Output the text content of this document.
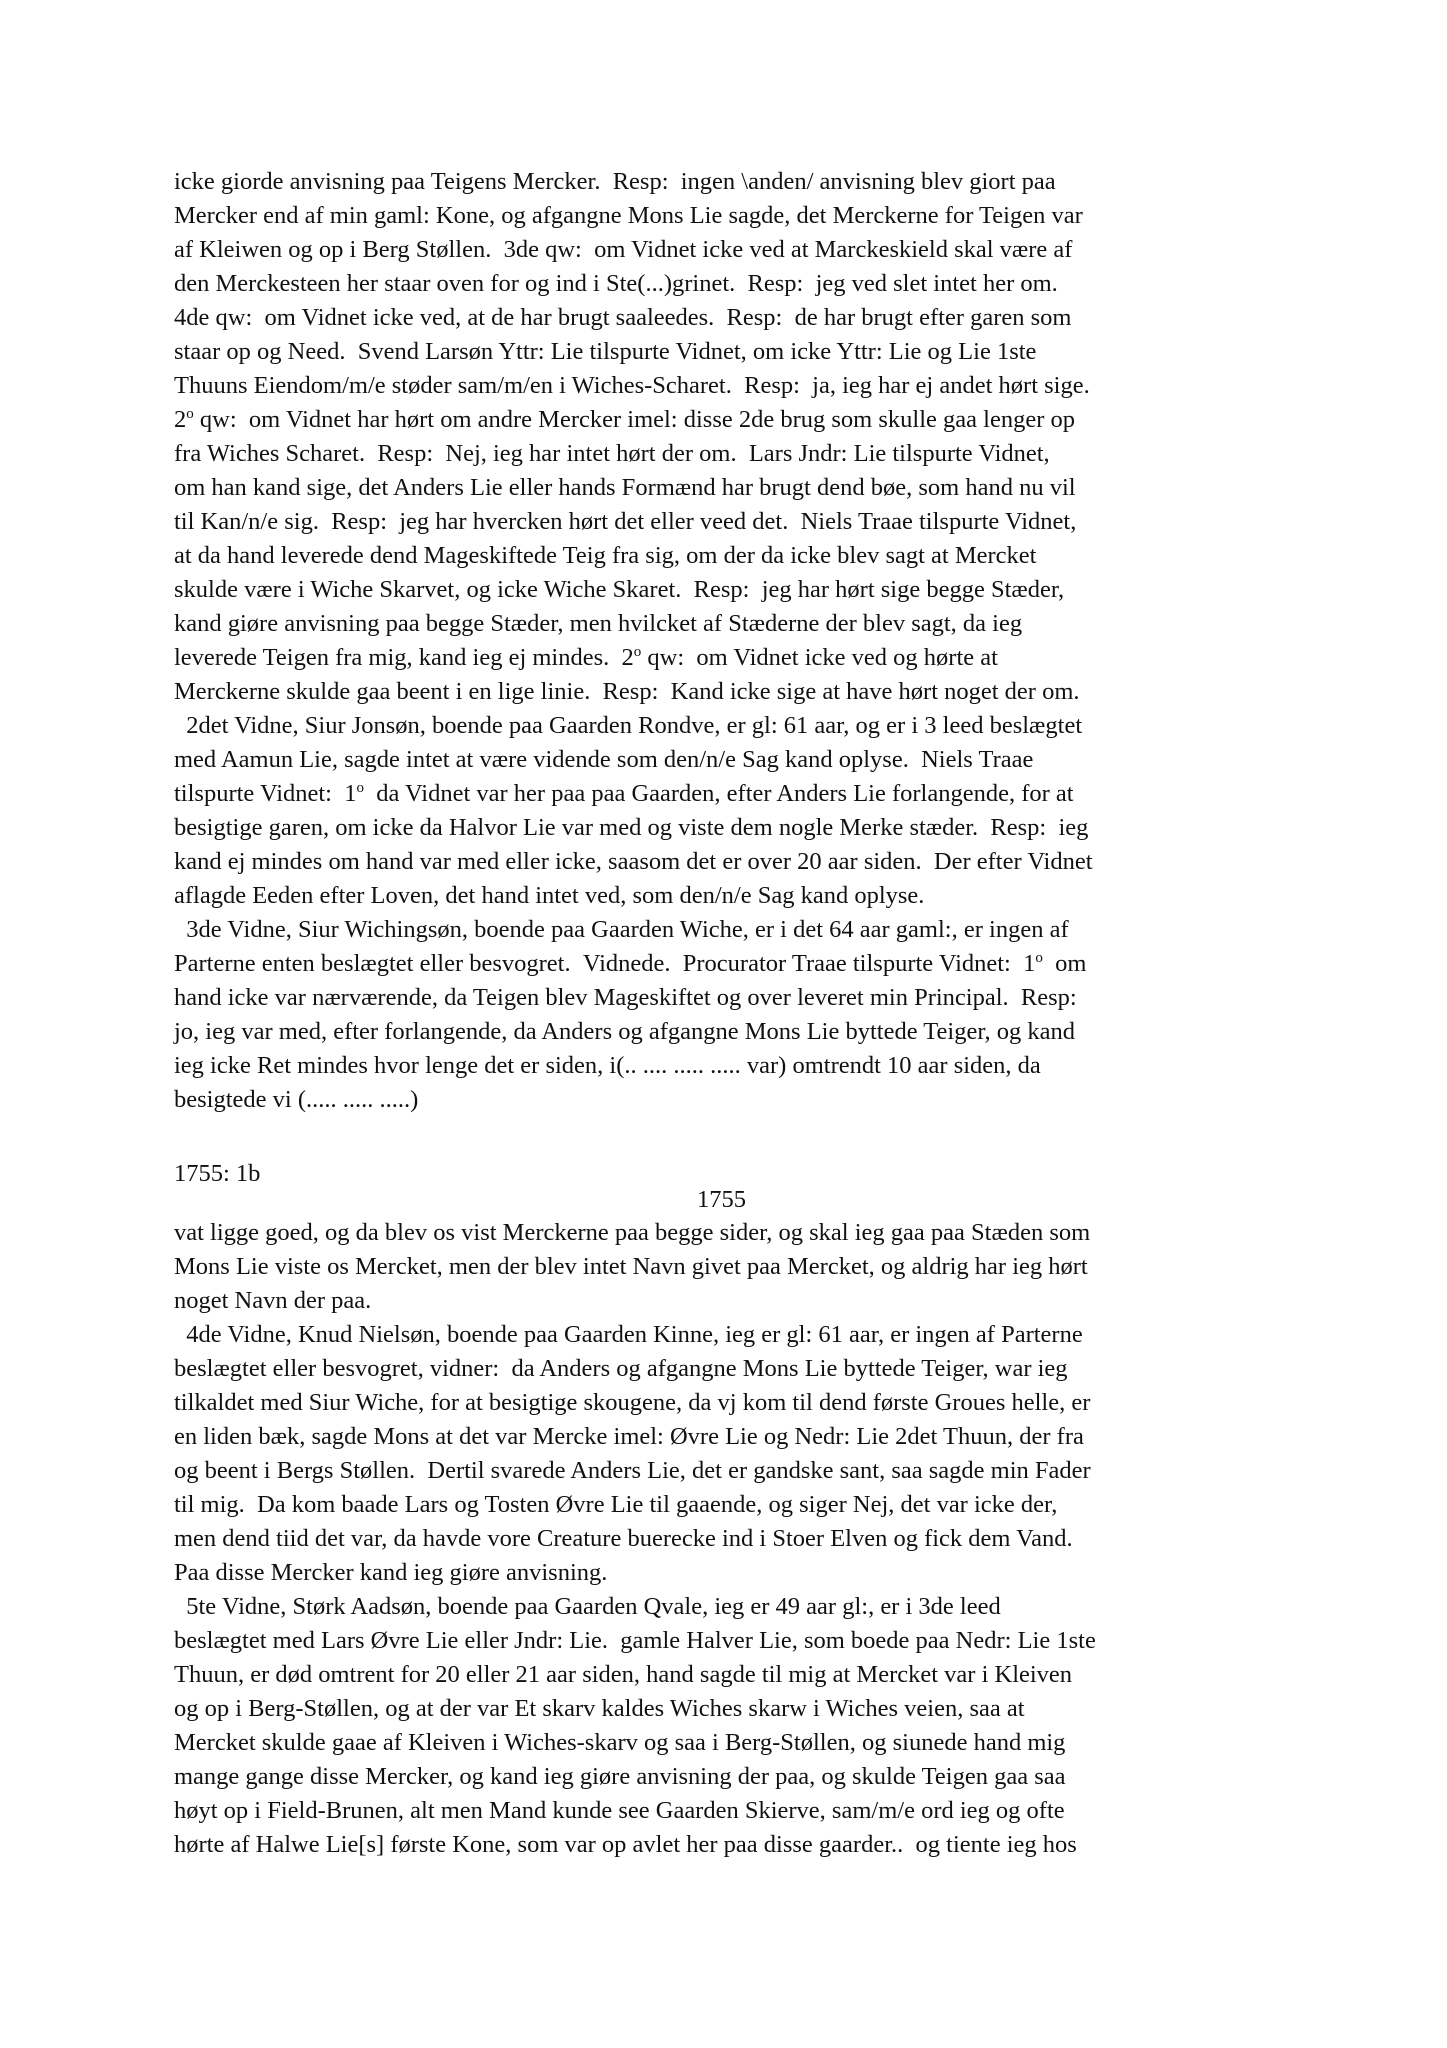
icke giorde anvisning paa Teigens Mercker.  Resp:  ingen \anden/ anvisning blev giort paa
Mercker end af min gaml: Kone, og afgangne Mons Lie sagde, det Merckerne for Teigen var
af Kleiwen og op i Berg Støllen.  3de qw:  om Vidnet icke ved at Marckeskield skal være af
den Merckesteen her staar oven for og ind i Ste(...)grinet.  Resp:  jeg ved slet intet her om.
4de qw:  om Vidnet icke ved, at de har brugt saaleedes.  Resp:  de har brugt efter garen som
staar op og Need.  Svend Larsøn Yttr: Lie tilspurte Vidnet, om icke Yttr: Lie og Lie 1ste
Thuuns Eiendom/m/e støder sam/m/en i Wiches-Scharet.  Resp:  ja, ieg har ej andet hørt sige.
2$^o$ qw:  om Vidnet har hørt om andre Mercker imel: disse 2de brug som skulle gaa lenger op
fra Wiches Scharet.  Resp:  Nej, ieg har intet hørt der om.  Lars Jndr: Lie tilspurte Vidnet,
om han kand sige, det Anders Lie eller hands Formænd har brugt dend bøe, som hand nu vil
til Kan/n/e sig.  Resp:  jeg har hvercken hørt det eller veed det.  Niels Traae tilspurte Vidnet,
at da hand leverede dend Mageskiftede Teig fra sig, om der da icke blev sagt at Mercket
skulde være i Wiche Skarvet, og icke Wiche Skaret.  Resp:  jeg har hørt sige begge Stæder,
kand giøre anvisning paa begge Stæder, men hvilcket af Stæderne der blev sagt, da ieg
leverede Teigen fra mig, kand ieg ej mindes.  2$^o$ qw:  om Vidnet icke ved og hørte at
Merckerne skulde gaa beent i en lige linie.  Resp:  Kand icke sige at have hørt noget der om.
2det Vidne, Siur Jonsøn, boende paa Gaarden Rondve, er gl: 61 aar, og er i 3 leed beslægtet
med Aamun Lie, sagde intet at være vidende som den/n/e Sag kand oplyse.  Niels Traae
tilspurte Vidnet:  1$^o$  da Vidnet var her paa paa Gaarden, efter Anders Lie forlangende, for at
besigtige garen, om icke da Halvor Lie var med og viste dem nogle Merke stæder.  Resp:  ieg
kand ej mindes om hand var med eller icke, saasom det er over 20 aar siden.  Der efter Vidnet
aflagde Eeden efter Loven, det hand intet ved, som den/n/e Sag kand oplyse.
3de Vidne, Siur Wichingsøn, boende paa Gaarden Wiche, er i det 64 aar gaml:, er ingen af
Parterne enten beslægtet eller besvogret.  Vidnede.  Procurator Traae tilspurte Vidnet:  1$^o$  om
hand icke var nærværende, da Teigen blev Mageskiftet og over leveret min Principal.  Resp:
jo, ieg var med, efter forlangende, da Anders og afgangne Mons Lie byttede Teiger, og kand
ieg icke Ret mindes hvor lenge det er siden, i(.. .... ..... ..... var) omtrendt 10 aar siden, da
besigtede vi (..... ..... .....)
1755: 1b
1755
vat ligge goed, og da blev os vist Merckerne paa begge sider, og skal ieg gaa paa Stæden som
Mons Lie viste os Mercket, men der blev intet Navn givet paa Mercket, og aldrig har ieg hørt
noget Navn der paa.
4de Vidne, Knud Nielsøn, boende paa Gaarden Kinne, ieg er gl: 61 aar, er ingen af Parterne
beslægtet eller besvogret, vidner:  da Anders og afgangne Mons Lie byttede Teiger, war ieg
tilkaldet med Siur Wiche, for at besigtige skougene, da vj kom til dend første Groues helle, er
en liden bæk, sagde Mons at det var Mercke imel: Øvre Lie og Nedr: Lie 2det Thuun, der fra
og beent i Bergs Støllen.  Dertil svarede Anders Lie, det er gandske sant, saa sagde min Fader
til mig.  Da kom baade Lars og Tosten Øvre Lie til gaaende, og siger Nej, det var icke der,
men dend tiid det var, da havde vore Creature buerecke ind i Stoer Elven og fick dem Vand.
Paa disse Mercker kand ieg giøre anvisning.
5te Vidne, Størk Aadsøn, boende paa Gaarden Qvale, ieg er 49 aar gl:, er i 3de leed
beslægtet med Lars Øvre Lie eller Jndr: Lie.  gamle Halver Lie, som boede paa Nedr: Lie 1ste
Thuun, er død omtrent for 20 eller 21 aar siden, hand sagde til mig at Mercket var i Kleiven
og op i Berg-Støllen, og at der var Et skarv kaldes Wiches skarw i Wiches veien, saa at
Mercket skulde gaae af Kleiven i Wiches-skarv og saa i Berg-Støllen, og siunede hand mig
mange gange disse Mercker, og kand ieg giøre anvisning der paa, og skulde Teigen gaa saa
høyt op i Field-Brunen, alt men Mand kunde see Gaarden Skierve, sam/m/e ord ieg og ofte
hørte af Halwe Lie[s] første Kone, som var op avlet her paa disse gaarder..  og tiente ieg hos
